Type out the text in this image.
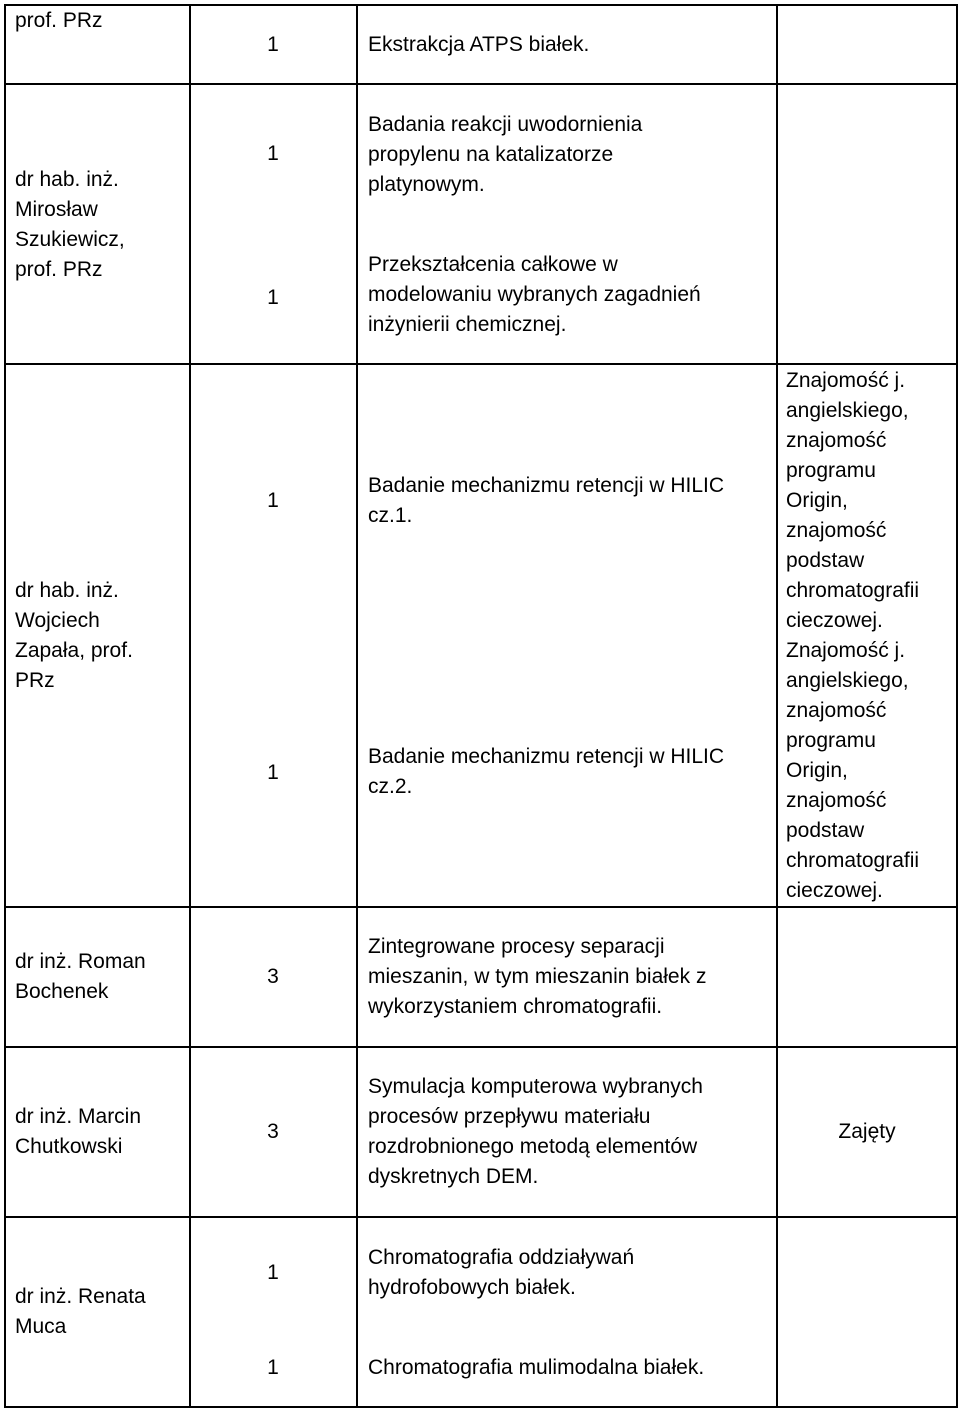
prof. PRz
1	Ekstrakcja ATPS białek.
dr hab. inż.
Mirosław
Szukiewicz,
prof. PRz
1
Badania reakcji uwodornienia
propylenu na katalizatorze
platynowym.
1
Przekształcenia całkowe w
modelowaniu wybranych zagadnień
inżynierii chemicznej.
dr hab. inż.
Wojciech
Zapała, prof.
PRz
1
Badanie mechanizmu retencji w HILIC
cz.1.
Znajomość j.
angielskiego,
znajomość
programu
Origin,
znajomość
podstaw
chromatografii
cieczowej.
1
Badanie mechanizmu retencji w HILIC
cz.2.
Znajomość j.
angielskiego,
znajomość
programu
Origin,
znajomość
podstaw
chromatografii
cieczowej.
dr inż. Roman
Bochenek
3
Zintegrowane procesy separacji
mieszanin, w tym mieszanin białek z
wykorzystaniem chromatografii.
dr inż. Marcin
Chutkowski
3
Symulacja komputerowa wybranych
procesów przepływu materiału
rozdrobnionego metodą elementów
dyskretnych DEM.
Zajęty
dr inż. Renata
Muca
1
Chromatografia oddziaływań
hydrofobowych białek.
1	Chromatografia mulimodalna białek.
